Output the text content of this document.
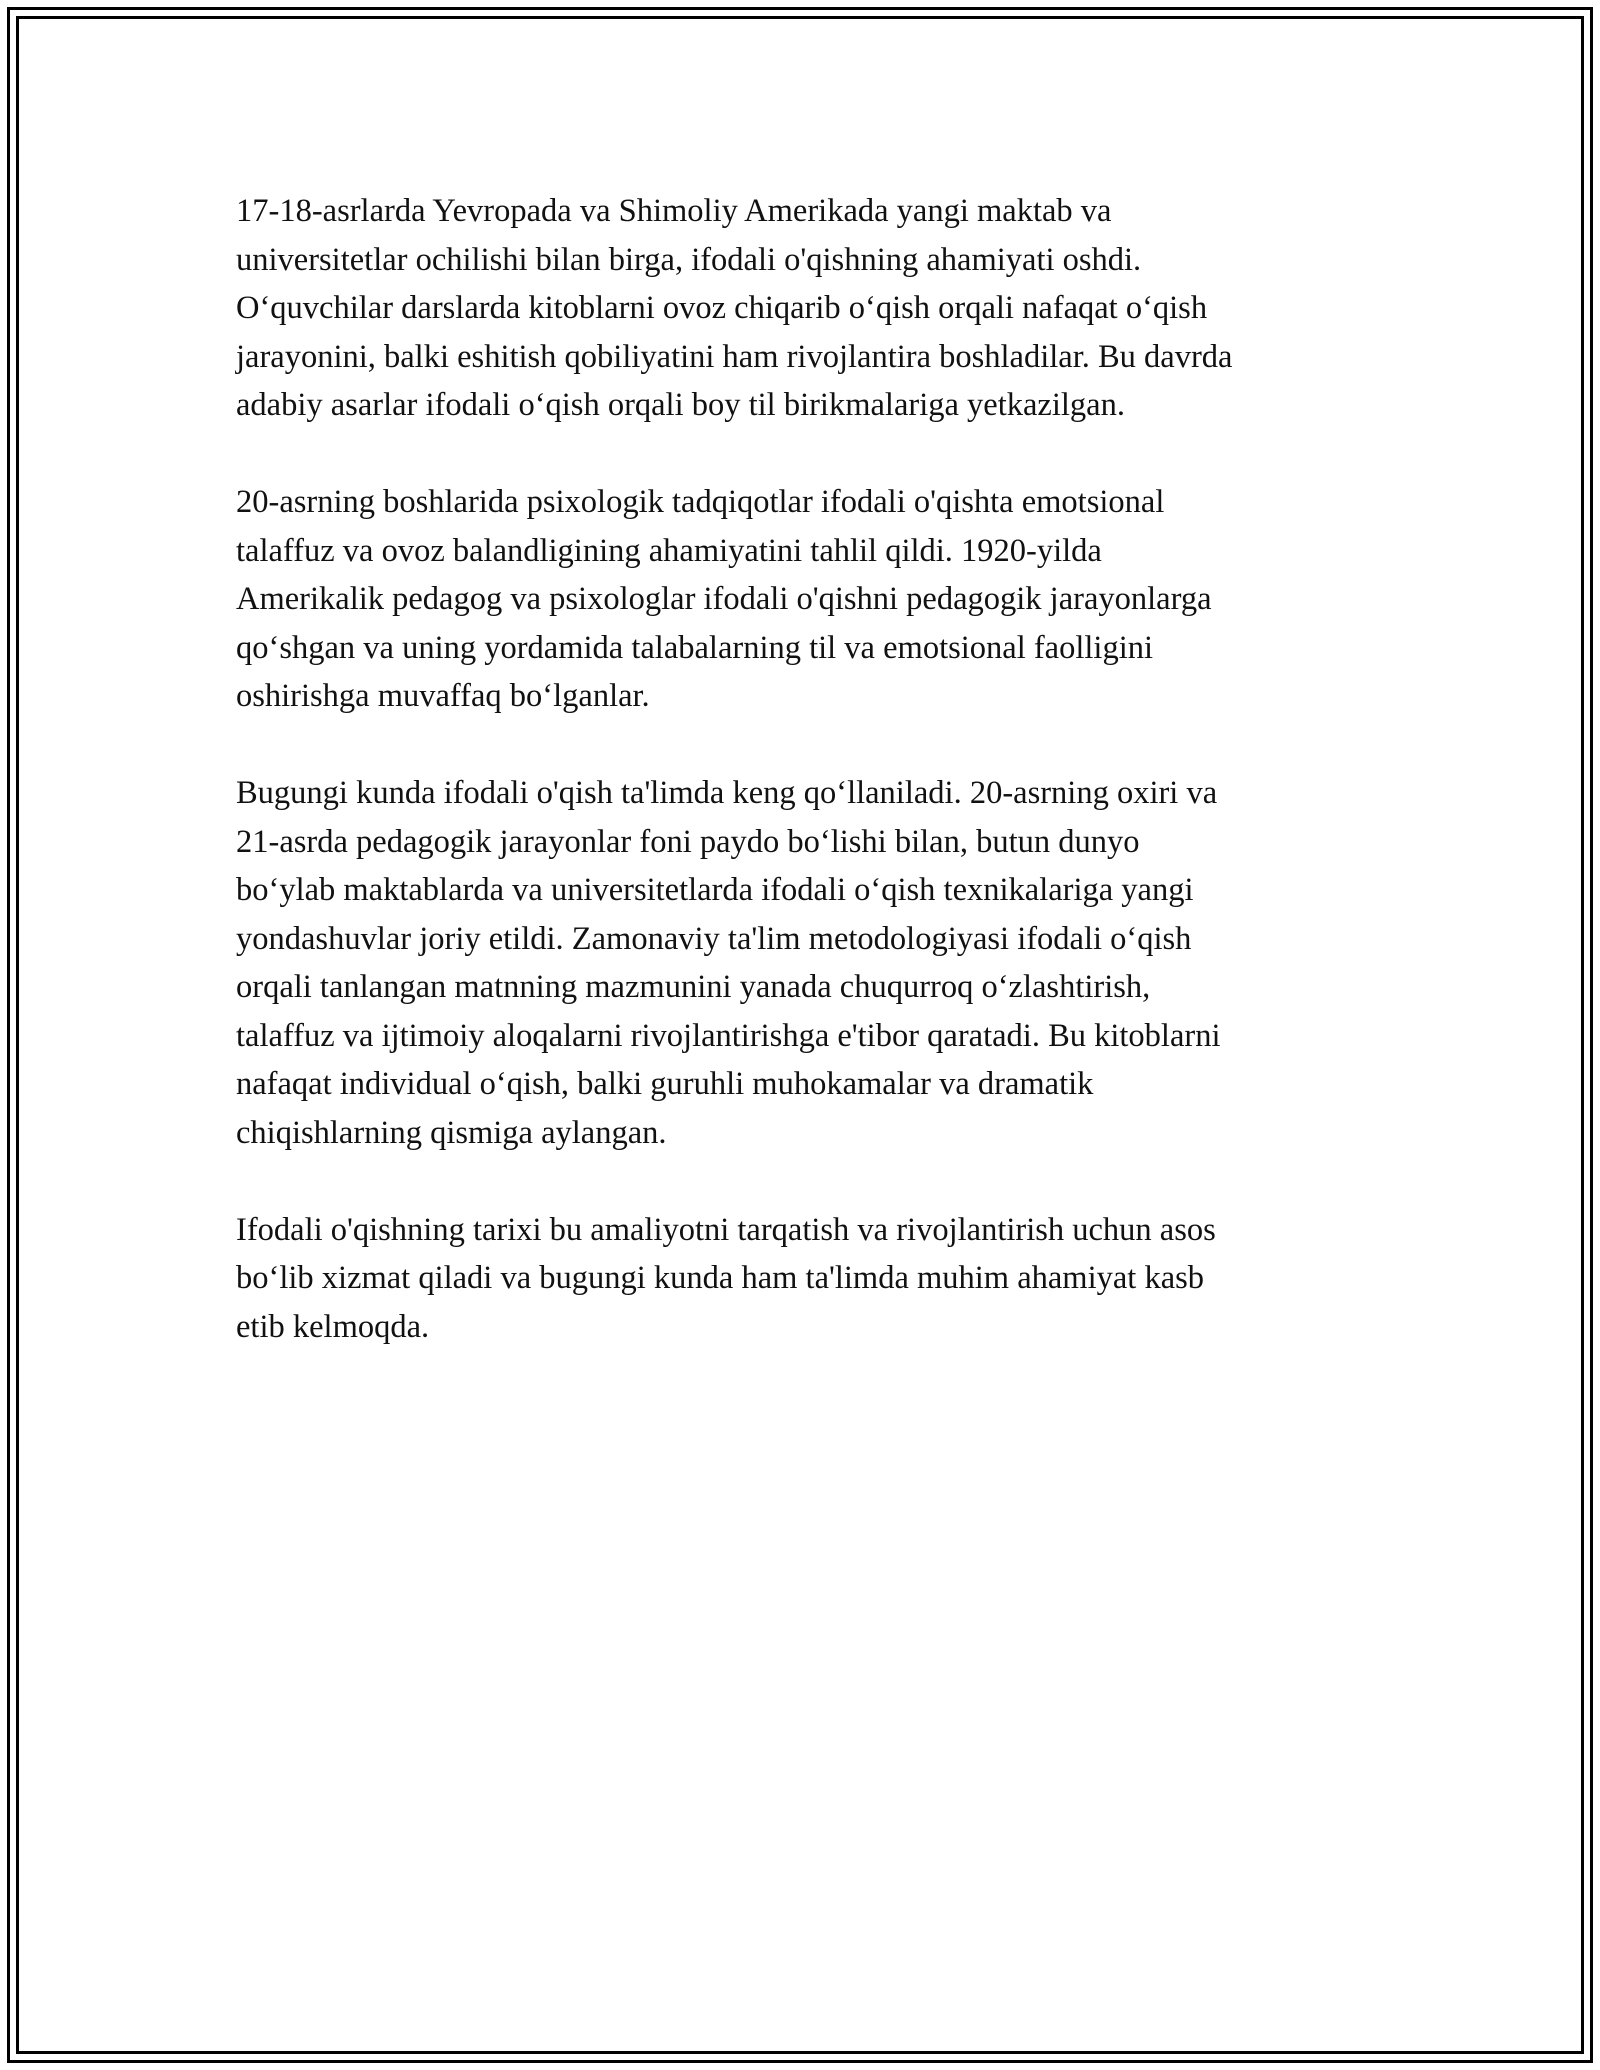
17-18-asrlarda Yevropada va Shimoliy Amerikada yangi maktab va
universitetlar ochilishi bilan birga, ifodali o'qishning ahamiyati oshdi.
O‘quvchilar darslarda kitoblarni ovoz chiqarib o‘qish orqali nafaqat o‘qish
jarayonini, balki eshitish qobiliyatini ham rivojlantira boshladilar. Bu davrda
adabiy asarlar ifodali o‘qish orqali boy til birikmalariga yetkazilgan.

20-asrning boshlarida psixologik tadqiqotlar ifodali o'qishta emotsional
talaffuz va ovoz balandligining ahamiyatini tahlil qildi. 1920-yilda
Amerikalik pedagog va psixologlar ifodali o'qishni pedagogik jarayonlarga
qo‘shgan va uning yordamida talabalarning til va emotsional faolligini
oshirishga muvaffaq bo‘lganlar.

Bugungi kunda ifodali o'qish ta'limda keng qo‘llaniladi. 20-asrning oxiri va
21-asrda pedagogik jarayonlar foni paydo bo‘lishi bilan, butun dunyo
bo‘ylab maktablarda va universitetlarda ifodali o‘qish texnikalariga yangi
yondashuvlar joriy etildi. Zamonaviy ta'lim metodologiyasi ifodali o‘qish
orqali tanlangan matnning mazmunini yanada chuqurroq o‘zlashtirish,
talaffuz va ijtimoiy aloqalarni rivojlantirishga e'tibor qaratadi. Bu kitoblarni
nafaqat individual o‘qish, balki guruhli muhokamalar va dramatik
chiqishlarning qismiga aylangan.

Ifodali o'qishning tarixi bu amaliyotni tarqatish va rivojlantirish uchun asos
bo‘lib xizmat qiladi va bugungi kunda ham ta'limda muhim ahamiyat kasb
etib kelmoqda.
